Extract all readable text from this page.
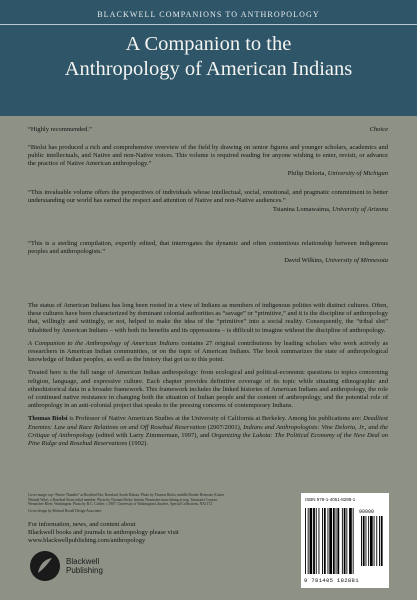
BLACKWELL COMPANIONS TO ANTHROPOLOGY
A Companion to the
Anthropology of American Indians

“Highly recommended.”	Choice

“Biolsi has produced a rich and comprehensive overview of the field by drawing on senior figures and younger scholars, academics and public intellectuals, and Native and non-Native voices. This volume is required reading for anyone wishing to enter, revisit, or advance the practice of Native American anthropology.”

Philip Deloria, University of Michigan

“This invaluable volume offers the perspectives of individuals whose intellectual, social, emotional, and pragmatic commitment to better understanding our world has earned the respect and attention of Native and non-Native audiences.”

Tsianina Lomawaima, University of Arizona

“This is a sterling compilation, expertly edited, that interrogates the dynamic and often contentious relationship between indigenous peoples and anthropologists.”

David Wilkins, University of Minnesota

The status of American Indians has long been rooted in a view of Indians as members of indigenous polities with distinct cultures. Often, these cultures have been characterized by dominant colonial authorities as “savage” or “primitive,” and it is the discipline of anthropology that, willingly and wittingly, or not, helped to make the idea of the “primitive” into a social reality. Consequently, the “tribal slot” inhabited by American Indians – with both its benefits and its oppressions – is difficult to imagine without the discipline of anthropology.

A Companion to the Anthropology of American Indians contains 27 original contributions by leading scholars who work actively as researchers in American Indian communities, or on the topic of American Indians. The book summarizes the state of anthropological knowledge of Indian peoples, as well as the history that got us to this point.

Treated here is the full range of American Indian anthropology: from ecological and political-economic questions to topics concerning religion, language, and expressive culture. Each chapter provides definitive coverage of its topic while situating ethnographic and ethnohistorical data in a broader framework. This framework includes the linked histories of American Indians and anthropology, the role of continued native resistance in changing both the situation of Indian people and the content of anthropology, and the potential role of anthropology in an anti-colonial project that speaks to the pressing concerns of contemporary Indians.

Thomas Biolsi is Professor of Native American Studies at the University of California at Berkeley. Among his publications are: Deadliest Enemies: Law and Race Relations on and Off Rosebud Reservation (2007/2001), Indians and Anthropologists: Vine Deloria, Jr., and the Critique of Anthropology (edited with Larry Zimmerman, 1997), and Organizing the Lakota: The Political Economy of the New Deal on Pine Ridge and Rosebud Reservations (1992).

Cover image: top “Native Thunder” at Rosebud Fair, Rosebud, South Dakota. Photo by Thomas Biolsi; middle Brooke Betawsie (Caster Wintahl Wite), a Rosebud Sioux tribal member. Photo by Thomas Biolsi; bottom Wenatchee man fishing at trap, Tumwater Canyon, Wenatchee River, Washington. Photo by B.C. Collier, c.1907. University of Washington Libraries, Special Collections, NA1172.

Cover design by Richard Boxall Design Associates

For information, news, and content about
Blackwell books and journals in anthropology please visit
www.blackwellpublishing.com/anthropology
Blackwell
Publishing
ISBN 978-1-4051-8288-1
90000
9 781405 182881
